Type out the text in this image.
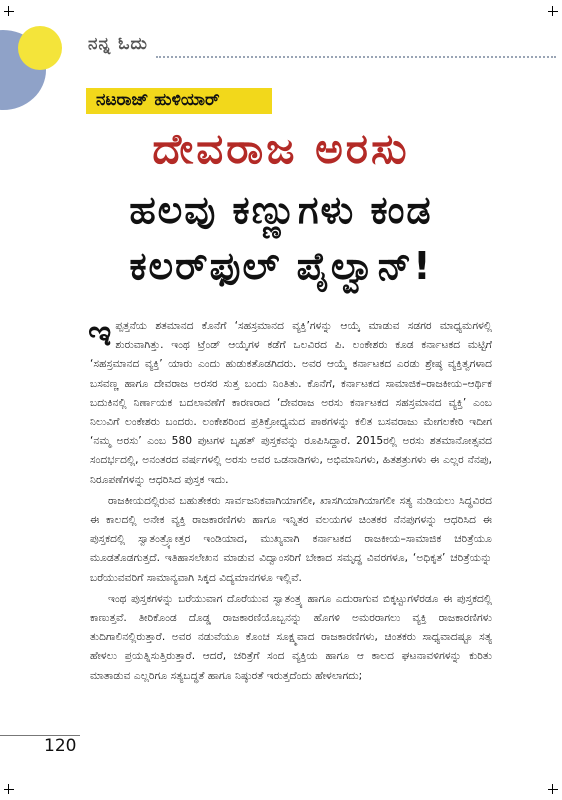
ನನ್ನ ಓದು
ನಟರಾಜ್ ಹುಳಿಯಾರ್
ದೇವರಾಜ ಅರಸು
ಹಲವು ಕಣ್ಣುಗಳು ಕಂಡ
ಕಲರ್‌ಫುಲ್ ಪೈಲ್ವಾನ್!

ಇಪ್ಪತ್ತನೆಯ ಶತಮಾನದ ಕೊನೆಗೆ ‘ಸಹಸ್ರಮಾನದ ವ್ಯಕ್ತಿ’ಗಳನ್ನು ಆಯ್ಕೆ ಮಾಡುವ ಸಡಗರ ಮಾಧ್ಯಮಗಳಲ್ಲಿ ಶುರುವಾಗಿತ್ತು. ಇಂಥ ಟ್ರೆಂಡ್ ಆಯ್ಕೆಗಳ ಕಡೆಗೆ ಒಲವಿರದ ಪಿ. ಲಂಕೇಶರು ಕೂಡ ಕರ್ನಾಟಕದ ಮಟ್ಟಿಗೆ ‘ಸಹಸ್ರಮಾನದ ವ್ಯಕ್ತಿ’ ಯಾರು ಎಂದು ಹುಡುಕತೊಡಗಿದರು. ಅವರ ಆಯ್ಕೆ ಕರ್ನಾಟಕದ ಎರಡು ಶ್ರೇಷ್ಠ ವ್ಯಕ್ತಿತ್ವಗಳಾದ ಬಸವಣ್ಣ ಹಾಗೂ ದೇವರಾಜ ಅರಸರ ಸುತ್ತ ಬಂದು ನಿಂತಿತು. ಕೊನೆಗೆ, ಕರ್ನಾಟಕದ ಸಾಮಾಜಿಕ–ರಾಜಕೀಯ–ಆರ್ಥಿಕ ಬದುಕಿನಲ್ಲಿ ನಿರ್ಣಾಯಕ ಬದಲಾವಣೆಗೆ ಕಾರಣರಾದ ‘ದೇವರಾಜ ಅರಸು ಕರ್ನಾಟಕದ ಸಹಸ್ರಮಾನದ ವ್ಯಕ್ತಿ’ ಎಂಬ ನಿಲುವಿಗೆ ಲಂಕೇಶರು ಬಂದರು. ಲಂಕೇಶರಿಂದ ಪ್ರತಿಕ್ರೋಧ್ಯಮದ ಪಾಠಗಳನ್ನು ಕಲಿತ ಬಸವರಾಜು ಮೇಗಲಕೇರಿ ಇದೀಗ ‘ನಮ್ಮ ಅರಸು’ ಎಂಬ 580 ಪುಟಗಳ ಬೃಹತ್ ಪುಸ್ತಕವನ್ನು ರೂಪಿಸಿದ್ದಾರೆ. 2015ರಲ್ಲಿ ಅರಸು ಶತಮಾನೋತ್ಸವದ ಸಂದರ್ಭದಲ್ಲಿ, ಅನಂತರದ ವರ್ಷಗಳಲ್ಲಿ ಅರಸು ಅವರ ಒಡನಾಡಿಗಳು, ಅಭಿಮಾನಿಗಳು, ಹಿತಶತ್ರುಗಳು ಈ ಎಲ್ಲರ ನೆನಪು, ನಿರೂಪಣೆಗಳನ್ನು ಆಧರಿಸಿದ ಪುಸ್ತಕ ಇದು.

ರಾಜಕೀಯದಲ್ಲಿರುವ ಬಹುತೇಕರು ಸಾರ್ವಜನಿಕವಾಗಿಯಾಗಲೀ, ಖಾಸಗಿಯಾಗಿಯಾಗಲೀ ಸತ್ಯ ನುಡಿಯಲು ಸಿದ್ಧವಿರದ ಈ ಕಾಲದಲ್ಲಿ ಅನೇಕ ವ್ಯಕ್ತಿ ರಾಜಕಾರಣಿಗಳು ಹಾಗೂ ಇನ್ನಿತರ ವಲಯಗಳ ಚಿಂತಕರ ನೆನಪುಗಳನ್ನು ಆಧರಿಸಿದ ಈ ಪುಸ್ತಕದಲ್ಲಿ ಸ್ವಾತಂತ್ರ್ಯೋತ್ತರ ಇಂಡಿಯಾದ, ಮುಖ್ಯವಾಗಿ ಕರ್ನಾಟಕದ ರಾಜಕೀಯ–ಸಾಮಾಜಿಕ ಚರಿತ್ರೆಯೂ ಮೂಡತೊಡಗುತ್ತದೆ. ಇತಿಹಾಸಲೇಖನ ಮಾಡುವ ವಿದ್ವಾಂಸರಿಗೆ ಬೇಕಾದ ಸಮೃದ್ಧ ವಿವರಗಳೂ, ‘ಅಧಿಕೃತ’ ಚರಿತ್ರೆಯನ್ನು ಬರೆಯುವವರಿಗೆ ಸಾಮಾನ್ಯವಾಗಿ ಸಿಕ್ಕದ ವಿದ್ಯಮಾನಗಳೂ ಇಲ್ಲಿವೆ.

ಇಂಥ ಪುಸ್ತಕಗಳನ್ನು ಬರೆಯುವಾಗ ದೊರೆಯುವ ಸ್ವಾತಂತ್ರ್ಯ ಹಾಗೂ ಎದುರಾಗುವ ಬಿಕ್ಕಟ್ಟುಗಳೆರಡೂ ಈ ಪುಸ್ತಕದಲ್ಲಿ ಕಾಣುತ್ತವೆ. ತೀರಿಕೊಂಡ ದೊಡ್ಡ ರಾಜಕಾರಣಿಯೊಬ್ಬನನ್ನು ಹೊಗಳಿ ಅಮರರಾಗಲು ವ್ಯಕ್ತಿ ರಾಜಕಾರಣಿಗಳು ತುದಿಗಾಲಿನಲ್ಲಿರುತ್ತಾರೆ. ಅವರ ನಡುವೆಯೂ ಕೊಂಚ ಸೂಕ್ಷ್ಮವಾದ ರಾಜಕಾರಣಿಗಳು, ಚಿಂತಕರು ಸಾಧ್ಯವಾದಷ್ಟೂ ಸತ್ಯ ಹೇಳಲು ಪ್ರಯತ್ನಿಸುತ್ತಿರುತ್ತಾರೆ. ಆದರೆ, ಚರಿತ್ರೆಗೆ ಸಂದ ವ್ಯಕ್ತಿಯ ಹಾಗೂ ಆ ಕಾಲದ ಘಟನಾವಳಿಗಳನ್ನು ಕುರಿತು ಮಾತಾಡುವ ಎಲ್ಲರಿಗೂ ಸತ್ಯಬದ್ಧತೆ ಹಾಗೂ ನಿಷ್ಠುರತೆ ಇರುತ್ತದೆಂದು ಹೇಳಲಾಗದು;

120
